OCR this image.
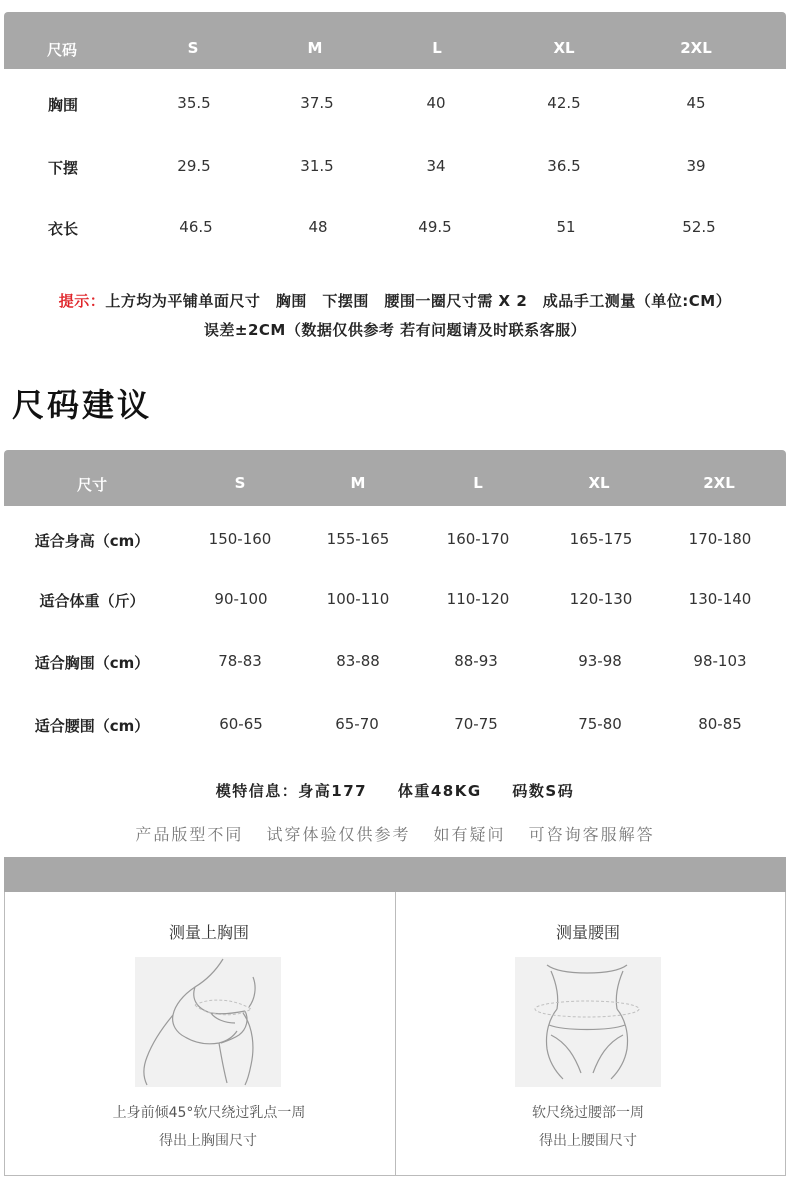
尺码	S	M	L	XL	2XL
胸围	35.5	37.5	40	42.5	45
下摆	29.5	31.5	34	36.5	39
衣长	46.5	48	49.5	51	52.5
提示：上方均为平铺单面尺寸　胸围　下摆围　腰围一圈尺寸需 X 2　成品手工测量（单位:CM）
误差±2CM（数据仅供参考 若有问题请及时联系客服）
尺码建议
尺寸	S	M	L	XL	2XL
适合身高（cm）	150-160	155-165	160-170	165-175	170-180
适合体重（斤）	90-100	100-110	110-120	120-130	130-140
适合胸围（cm）	78-83	83-88	88-93	93-98	98-103
适合腰围（cm）	60-65	65-70	70-75	75-80	80-85
模特信息：身高177 体重48KG 码数S码
产品版型不同 试穿体验仅供参考 如有疑问 可咨询客服解答
测量上胸围
上身前倾45°软尺绕过乳点一周
得出上胸围尺寸
测量腰围
软尺绕过腰部一周
得出上腰围尺寸
